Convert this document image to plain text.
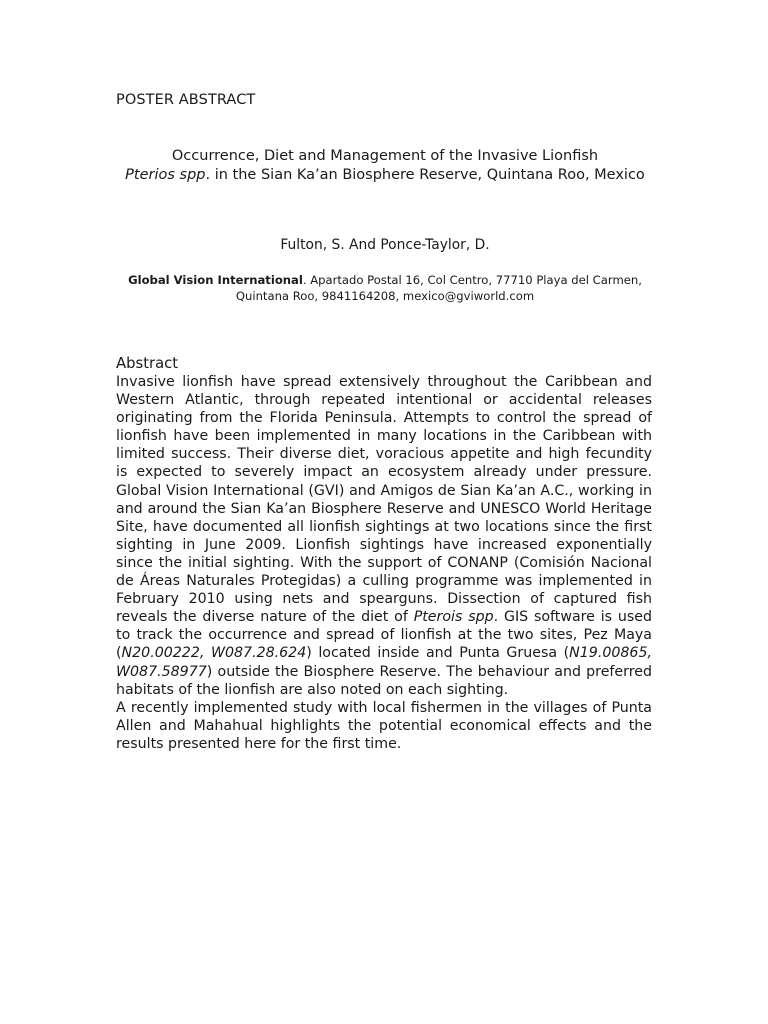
POSTER ABSTRACT
Occurrence, Diet and Management of the Invasive Lionfish
Pterios spp. in the Sian Ka’an Biosphere Reserve, Quintana Roo, Mexico
Fulton, S. And Ponce-Taylor, D.
Global Vision International. Apartado Postal 16, Col Centro, 77710 Playa del Carmen, Quintana Roo, 9841164208, mexico@gviworld.com
Abstract

Invasive lionfish have spread extensively throughout the Caribbean and Western Atlantic, through repeated intentional or accidental releases originating from the Florida Peninsula. Attempts to control the spread of lionfish have been implemented in many locations in the Caribbean with limited success. Their diverse diet, voracious appetite and high fecundity is expected to severely impact an ecosystem already under pressure. Global Vision International (GVI) and Amigos de Sian Ka’an A.C., working in and around the Sian Ka’an Biosphere Reserve and UNESCO World Heritage Site, have documented all lionfish sightings at two locations since the first sighting in June 2009. Lionfish sightings have increased exponentially since the initial sighting. With the support of CONANP (Comisión Nacional de Áreas Naturales Protegidas) a culling programme was implemented in February 2010 using nets and spearguns. Dissection of captured fish reveals the diverse nature of the diet of Pterois spp. GIS software is used to track the occurrence and spread of lionfish at the two sites, Pez Maya (N20.00222, W087.28.624) located inside and Punta Gruesa (N19.00865, W087.58977) outside the Biosphere Reserve. The behaviour and preferred habitats of the lionfish are also noted on each sighting.

A recently implemented study with local fishermen in the villages of Punta Allen and Mahahual highlights the potential economical effects and the results presented here for the first time.
